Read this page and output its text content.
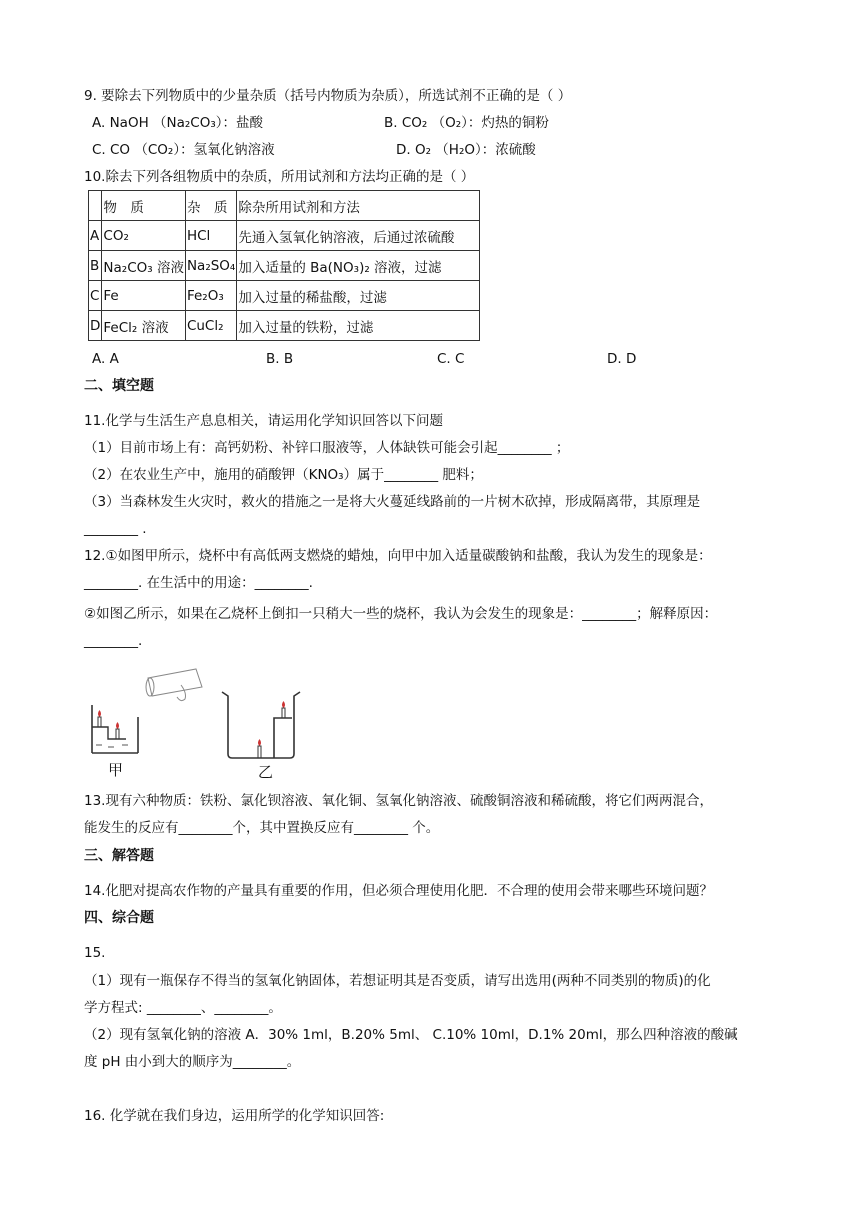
9. 要除去下列物质中的少量杂质（括号内物质为杂质），所选试剂不正确的是（ ）
A. NaOH （Na₂CO₃）：盐酸	B. CO₂ （O₂）：灼热的铜粉
C. CO （CO₂）：氢氧化钠溶液	D. O₂ （H₂O）：浓硫酸
10.除去下列各组物质中的杂质，所用试剂和方法均正确的是（ ）
	物　质	杂　质	除杂所用试剂和方法
A	CO₂	HCl	先通入氢氧化钠溶液，后通过浓硫酸
B	Na₂CO₃ 溶液	Na₂SO₄	加入适量的 Ba(NO₃)₂ 溶液，过滤
C	Fe	Fe₂O₃	加入过量的稀盐酸，过滤
D	FeCl₂ 溶液	CuCl₂	加入过量的铁粉，过滤
A. A	B. B	C. C	D. D
二、填空题
11.化学与生活生产息息相关，请运用化学知识回答以下问题
（1）目前市场上有：高钙奶粉、补锌口服液等，人体缺铁可能会引起________ ；
（2）在农业生产中，施用的硝酸钾（KNO₃）属于________ 肥料；
（3）当森林发生火灾时，救火的措施之一是将大火蔓延线路前的一片树木砍掉，形成隔离带，其原理是
________ .
12.①如图甲所示，烧杯中有高低两支燃烧的蜡烛，向甲中加入适量碳酸钠和盐酸，我认为发生的现象是：
________. 在生活中的用途：________.
②如图乙所示，如果在乙烧杯上倒扣一只稍大一些的烧杯，我认为会发生的现象是：________；解释原因：
________.
甲	乙
13.现有六种物质：铁粉、氯化钡溶液、氧化铜、氢氧化钠溶液、硫酸铜溶液和稀硫酸，将它们两两混合，
能发生的反应有________个，其中置换反应有________ 个。
三、解答题
14.化肥对提高农作物的产量具有重要的作用，但必须合理使用化肥．不合理的使用会带来哪些环境问题？
四、综合题
15.
（1）现有一瓶保存不得当的氢氧化钠固体，若想证明其是否变质，请写出选用(两种不同类别的物质)的化
学方程式: ________、________。
（2）现有氢氧化钠的溶液 A．30% 1ml，B.20% 5ml、 C.10% 10ml，D.1% 20ml，那么四种溶液的酸碱
度 pH 由小到大的顺序为________。
16. 化学就在我们身边，运用所学的化学知识回答:
